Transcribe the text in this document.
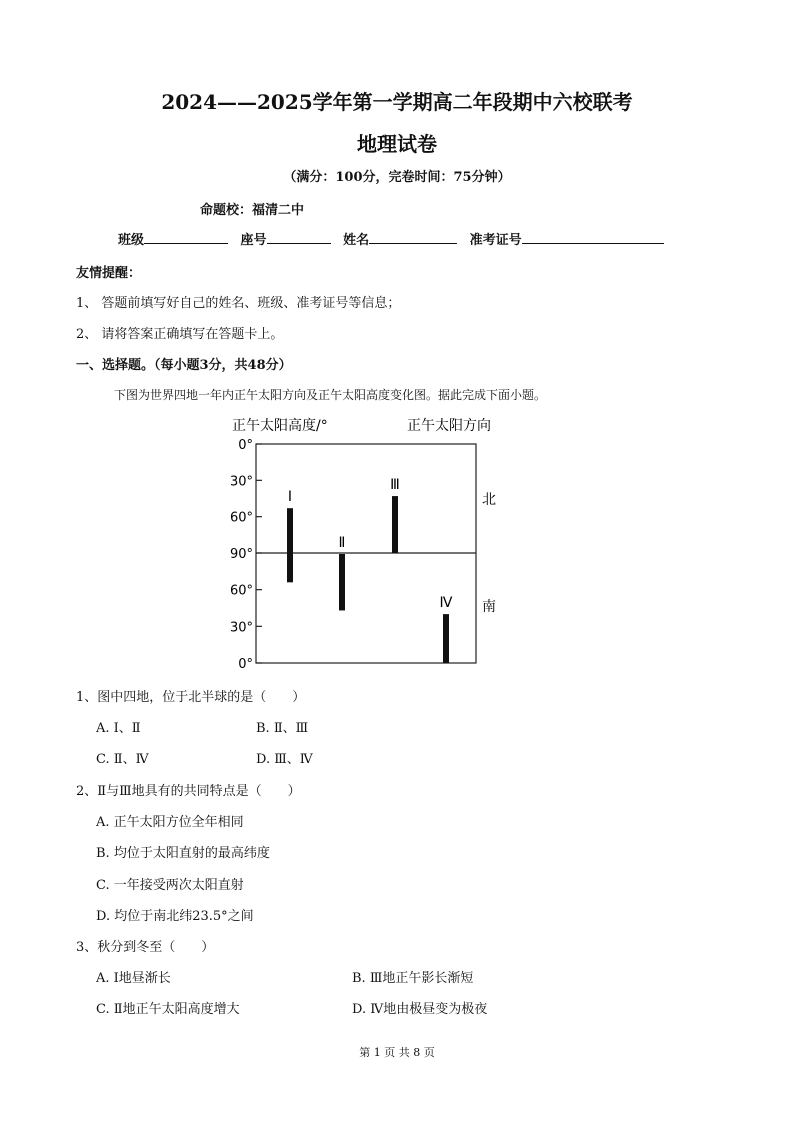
2024——2025学年第一学期高二年段期中六校联考
地理试卷
（满分：100分，完卷时间：75分钟）
命题校：福清二中
班级	座号	姓名	准考证号
友情提醒：
1、 答题前填写好自己的姓名、班级、准考证号等信息；
2、 请将答案正确填写在答题卡上。
一、选择题。（每小题3分，共48分）
下图为世界四地一年内正午太阳方向及正午太阳高度变化图。据此完成下面小题。
正午太阳高度/°	正午太阳方向
0°
30°
60°
90°
60°
30°
0°
Ⅰ
Ⅱ
Ⅲ
Ⅳ
北
南
1、图中四地，位于北半球的是（　　）
A. Ⅰ、Ⅱ	B. Ⅱ、Ⅲ
C. Ⅱ、Ⅳ	D. Ⅲ、Ⅳ
2、Ⅱ与Ⅲ地具有的共同特点是（　　）
A. 正午太阳方位全年相同
B. 均位于太阳直射的最高纬度
C. 一年接受两次太阳直射
D. 均位于南北纬23.5°之间
3、秋分到冬至（　　）
A. Ⅰ地昼渐长	B. Ⅲ地正午影长渐短
C. Ⅱ地正午太阳高度增大	D. Ⅳ地由极昼变为极夜
第 1 页 共 8 页
